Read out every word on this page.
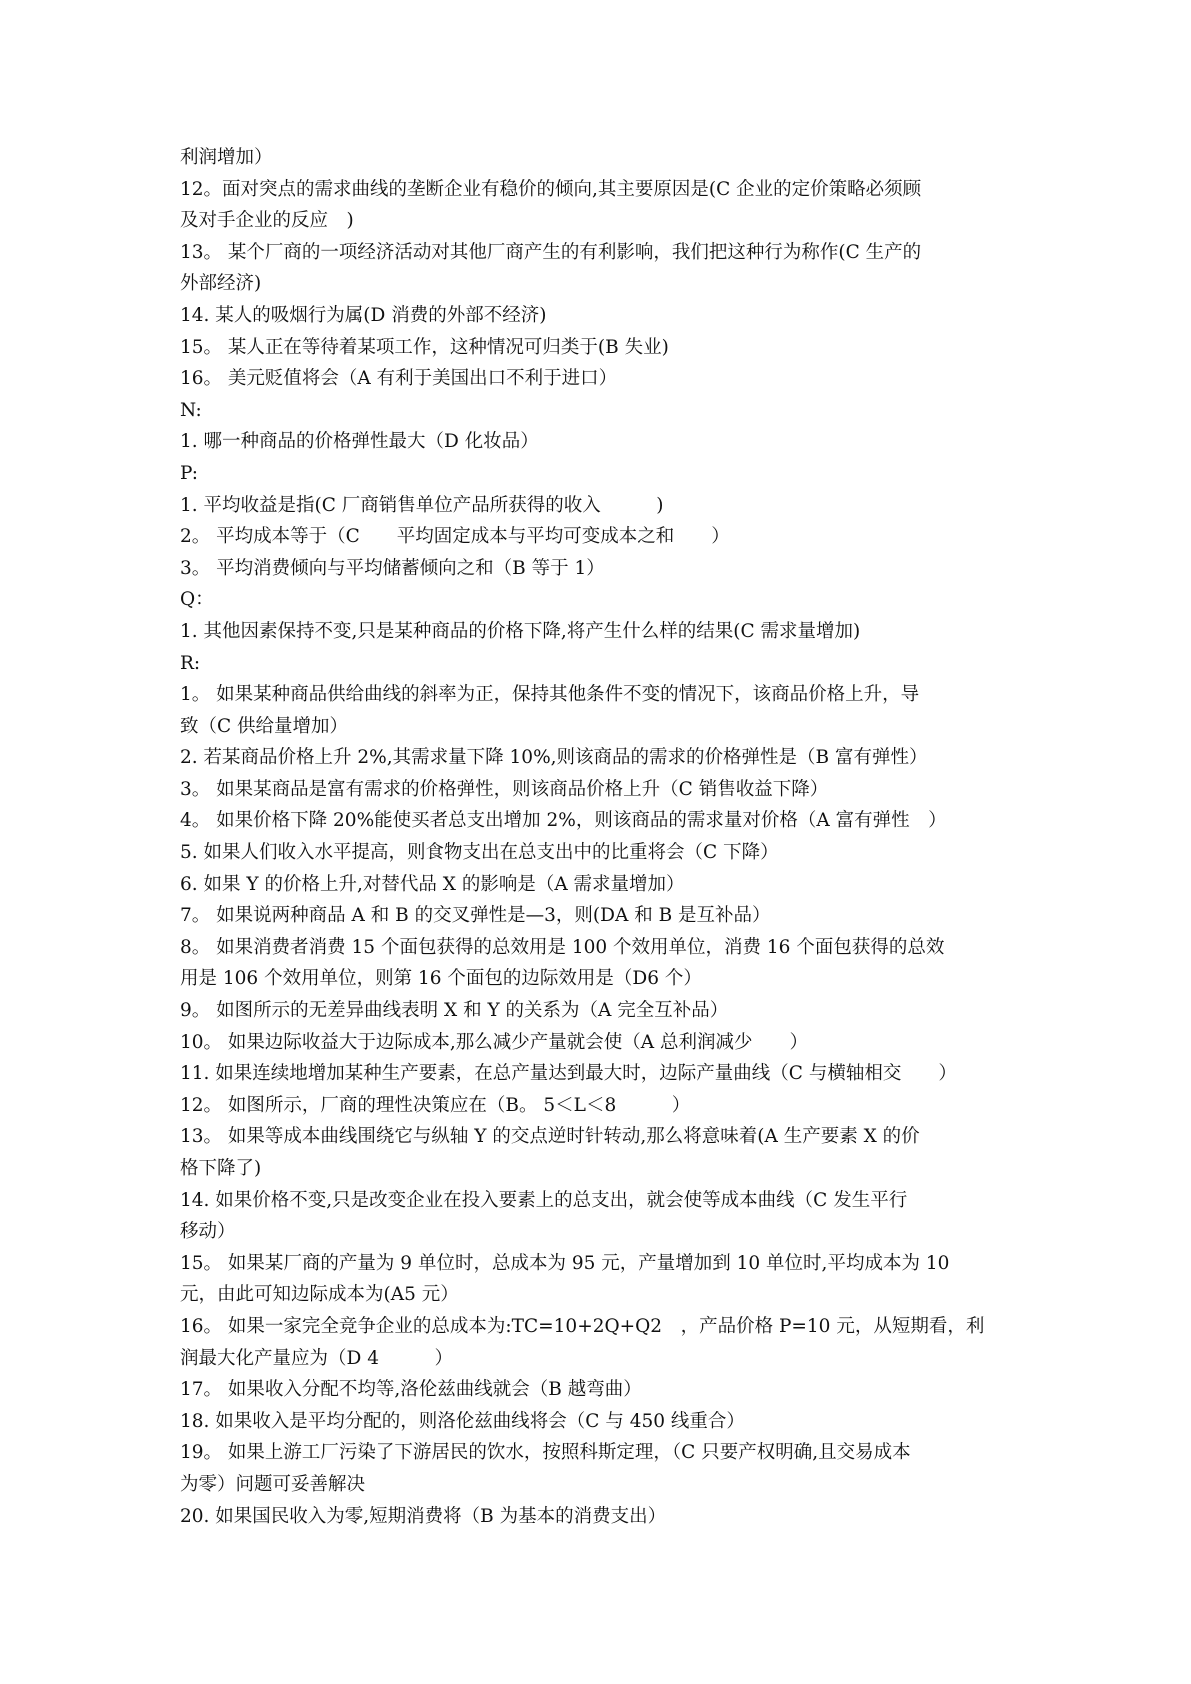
利润增加）
12。面对突点的需求曲线的垄断企业有稳价的倾向,其主要原因是(C 企业的定价策略必须顾
及对手企业的反应　)
13。 某个厂商的一项经济活动对其他厂商产生的有利影响，我们把这种行为称作(C 生产的
外部经济)
14. 某人的吸烟行为属(D 消费的外部不经济)
15。 某人正在等待着某项工作，这种情况可归类于(B 失业)
16。 美元贬值将会（A 有利于美国出口不利于进口）
N:
1. 哪一种商品的价格弹性最大（D 化妆品）
P:
1. 平均收益是指(C 厂商销售单位产品所获得的收入　　　)
2。 平均成本等于（C　　平均固定成本与平均可变成本之和　　）
3。 平均消费倾向与平均储蓄倾向之和（B 等于 1）
Q：
1. 其他因素保持不变,只是某种商品的价格下降,将产生什么样的结果(C 需求量增加)
R:
1。 如果某种商品供给曲线的斜率为正，保持其他条件不变的情况下，该商品价格上升，导
致（C 供给量增加）
2. 若某商品价格上升 2%,其需求量下降 10%,则该商品的需求的价格弹性是（B 富有弹性）
3。 如果某商品是富有需求的价格弹性，则该商品价格上升（C 销售收益下降）
4。 如果价格下降 20%能使买者总支出增加 2%，则该商品的需求量对价格（A 富有弹性　）
5. 如果人们收入水平提高，则食物支出在总支出中的比重将会（C 下降）
6. 如果 Y 的价格上升,对替代品 X 的影响是（A 需求量增加）
7。 如果说两种商品 A 和 B 的交叉弹性是—3，则(DA 和 B 是互补品）
8。 如果消费者消费 15 个面包获得的总效用是 100 个效用单位，消费 16 个面包获得的总效
用是 106 个效用单位，则第 16 个面包的边际效用是（D6 个）
9。 如图所示的无差异曲线表明 X 和 Y 的关系为（A 完全互补品）
10。 如果边际收益大于边际成本,那么减少产量就会使（A 总利润减少　　）
11. 如果连续地增加某种生产要素，在总产量达到最大时，边际产量曲线（C 与横轴相交　　）
12。 如图所示，厂商的理性决策应在（B。 5＜L＜8　　　）
13。 如果等成本曲线围绕它与纵轴 Y 的交点逆时针转动,那么将意味着(A 生产要素 X 的价
格下降了)
14. 如果价格不变,只是改变企业在投入要素上的总支出，就会使等成本曲线（C 发生平行
移动）
15。 如果某厂商的产量为 9 单位时，总成本为 95 元，产量增加到 10 单位时,平均成本为 10
元，由此可知边际成本为(A5 元）
16。 如果一家完全竞争企业的总成本为:TC=10+2Q+Q2　，产品价格 P=10 元，从短期看，利
润最大化产量应为（D 4　　　）
17。 如果收入分配不均等,洛伦兹曲线就会（B 越弯曲）
18. 如果收入是平均分配的，则洛伦兹曲线将会（C 与 450 线重合）
19。 如果上游工厂污染了下游居民的饮水，按照科斯定理，（C 只要产权明确,且交易成本
为零）问题可妥善解决
20. 如果国民收入为零,短期消费将（B 为基本的消费支出）
